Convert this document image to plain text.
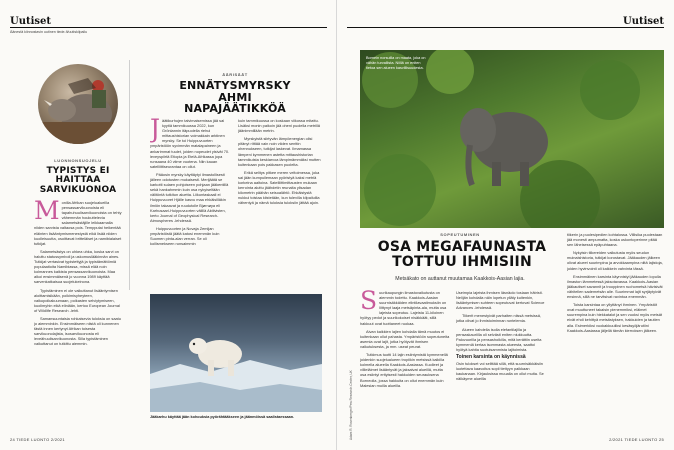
Uutiset
Äänestä kiinnostavin uutinen tiede-fi/uutiskilpailu
LUONNONSUOJELU
TYPISTYS EI HAITTAA SARVIKUONOA
M onilla Afrikan suojelualueilla pensassarvikuonoista eli tapahuhuulisarvikuonoista on tehty vähemmän houkuttelevia salametsästäjille leikkaamalla niiden sarvista valtaosa pois. Tempputai heikentää eläinten lisääntymismenestystä eikä lisää niiden kuolleisuutta, osoittavat britteläiset ja namibialaiset tutkijat.

Salametsästys on uhkea uhka, koska sarvi on haluttu statussymboli ja uskomuslääkinnän aines. Tutkijat vertasivat typistettyjä ja typistämättömiä populaatioita Namibiassa, missä elää noin kolmannes kaikista pensassarvikuonoista. Maa alkoi ensimmäisenä jo vuonna 1989 käyttää sarvenkatkaisua suojelukeinona.

Typistäminen ei ole vaikuttanut lisääntymisen aloittamisikään, poikimisyheyteen, vaikupoikakuumaan, poikasten selviytymiseen, kuolimyhin eikä eliniään, kertoo European Journal of Wildlife Research -lehti.

Samansuuntaisia rohkaisevia tuloksia on saatu jo aiemminkin. Ensimmäiseen niistä oli kunnenen tästä innen kertynyt Afrikan toisesta sarvikuonolajista, isosarvikuonosta eli leveähuulisarvikuonosta. Silla typistäminen vaikuttanut on tutkittu aiemmin.

ÄÄRISÄÄT
ENNÄTYSMYRSKY AHMI NAPAJÄÄTIKKÖÄ
J äätikurhujen talvimaisemissa jää sai kyytiä tammikuussa 2022, kun Grönlannin itäpuolella riehui mittaushistorian voimakkain arktinen myrsky. Se toi Huippuvuorten ympäristöön syvimmän matalapaineen ja ankarimmat tuulet, joiden nopeudet ylsivät 70. leveyspiirtä Etiopia ja Etelä-Afrikassa jopa runsaana 40 viime vuotena. Niin kauan satelliittiseurantaa on ollut.

Pääosin myrsky käyttäytyi ilmastollisesti jälleen odotusten mukaisesti. Merijäätä se karkotti sulaen pohjoiseen pohjaan jääkentillä sekä hankahmmin kuin osa nykyiseltään välitöntä tutkitun aluetta. Liikuntaskaali ei Huippuvuoret Hjälle kasvu maa ehkäisilläkin ilmiön takaavat ja ruudutolle Bjørnøya eli Karhusaari-Huippuvuorten välillä Aktiivisten, kerto Journal of Geophysical Research-Atmospheres -lehdessä.

Huippuvuorten ja Novaja Zemljan ympäristöstä jäätä katosi enemmän kuin Suomen pinta-alan verran. Se oli koilismekseen runsaimmin

kuin tammikuussa on koskaan viikossa mitattu. Lisäksi monin paikoin jää oheni puolella metrillä jäänimmillään metrin.

Myrskyistä siirtyvän lämpöenergian olisi pitänyt riittää vain noin viiden senttin ohennukseen, tutkijat laskevat. Ilmamassa lämpeni kymmenen astetta mittaushistorian tammikuista keskiarvoa lämpimämmäksi mutten kuitenkaan pois pakkasen puolelta.

Erikä selitys pitkee meren veltoimessa, joka sai jään kumpuilemaan pyöristyä kaksi metriä korkeina aaltoina. Satelliittimittausten mukaan kerrointa aluttu jäähdetin reunalta ylisadan kilometrin päähän seisoalähtö. Ehkäistystä nukkui toistaa kiistetään, kun tulevilla kilpailuilla vähentyä ja nämä tuloksia tuloksiin jättää ajoin.

Jääkarhu käyttää jään kohouksia pyörähtääkseen ja jäänmöissä saalistaessaan.
24 TIEDE LUONTO 2/2021
Uutiset
Bornein norsuilla on maata, joka on vähän turvallista. Niillä on eniten tietoa sen alueen kasvillisuudesta.
Adam R. Rosenberger/Pew Research Center, UK
SOPEUTUMINEN
OSA MEGAFAUNASTA TOTTUU IHMISIIN
Metsäkato on auttanut muutamaa Kaakkois-Aasian lajia.
S uurikaupungin ilmastovaikutusta on aiemmin todettu. Kaakkois-Aasian suurnisäkkäiden elintilavaatimuksiin on liittynyt laaja metsäpinta-ala, mutta osa lajeista sopeutuu. Lajeista 11-kiloinen hyötyy pedot ja suurikokoiset nisäkkäät, sillä hakkuut ovat tuottaneet ruokaa.

Aivan kaikkien lajien kohdalla tämä muutos ei kuitenkaan ollut pahasta. Ympäristöön sopeutuneita asemia ovat lajit, jotka hyötyvät ihmisen vaikutuksesta, ja mm. useat peurat.

Tutkimus tuotti 14 lajin esiintymistä kymmenellä joidenkin suojelualueen tropiikin metsissä kaikilla kolmella alueella Kaakkois-Aasiassa. Kuolleet ja villieläimet lisääntyvät ja jaksaivat alueillä, mutta osa esiintyi erityisesti hakkuiden seurauksena Borneolla, jossa hakkuita on ollut enemmän kuin Malesian muilla alueilla.

Useimpia lajeista ihmisen läsnäolo tosiaan hätristi. Nelijän kohdalla näin lopetun ylläty kuitenkin, lisääntymisen suhteen sopeutuvat kertovat Science Advances -lehdessä.

Tiikerit menestyivät parhaiten niissä metsissä, jotka olivat jo ihmistoiminnan runtelemia.

Alueen kahdella isolla elefantilajilla ja pensaskauriilla oli selvästi eniten niukkuutta. Palovuorilla ja pensashoikilla, mitä kerättiin useita kymmeniä kertaa isommasta alueesta, saattoi hyötyä kahtia suotuisammista lajitoimista.

Toinen karsinta on käynnissä

Osin tulokset voi selittää sillä, että suurnisäkkäisiin luotettava kaavoitus sopii tiettyyn paikkaan kaukanaan. Kirjauksissa muualla on ollut muita. Se nälkäyme alueilla

tiikerin ja puolesipedien kohtalossa. Villisika puolestaan jää monesti ampumatta, koska uskontoperinne pitää sen läheisessä epäpuhtaana.

Nykyisin tiikereiden vaikutusta myös seudun muinaishistoria, tutkijat korostavat. Jääkauden jälkeen olivat alueet suurimpina ja arvokkaampina niitä lajistoja, joiden hyvinvointi oli kaikkein vahvinta tässä.

Ensimmäinen karsinta käynnistyi jääkauden lopulla ilmaston lämmetessä jaksotavassa. Kaakkois-Aasian jääkautiset savannit ja trooppinen ruohometsä hävisivät vähitellen sademetsän alle. Suurimmat lajit syrjäytyivät ensinnä, sillä ne tarvitsivat ravintoa enemmän.

Toista karsintaa on yllyttänyt ihminen. Ympäristöt ovat muuttuneet takaisin pienemmiksi, eläimet suurempina kuin hiekkatalot ja sen vuoksi myös metsät eivät ehdi kehittyä metsästyksen, hakkuiden ja tautien alla. Esimerkiksi vuokakkuuliksi kesäsyöjärutiini Kaakkois-Aasiassa jäljellä tämän kierroksen jälkeen.

2/2021 TIEDE LUONTO 25
